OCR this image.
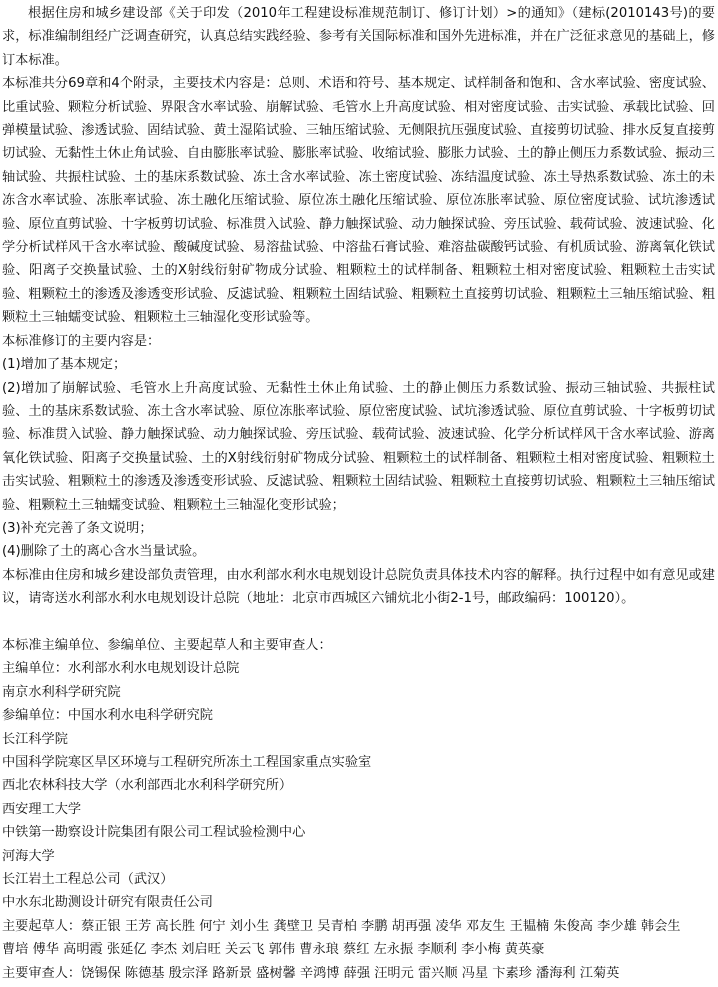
根据住房和城乡建设部《关于印发（2010年工程建设标准规范制订、修订计划）>的通知》（建标(2010143号)的要求，标准编制组经广泛调查研究，认真总结实践经验、参考有关国际标准和国外先进标准，并在广泛征求意见的基础上，修订本标准。

本标准共分69章和4个附录，主要技术内容是：总则、术语和符号、基本规定、试样制备和饱和、含水率试验、密度试验、比重试验、颗粒分析试验、界限含水率试验、崩解试验、毛管水上升高度试验、相对密度试验、击实试验、承载比试验、回弹模量试验、渗透试验、固结试验、黄土湿陷试验、三轴压缩试验、无侧限抗压强度试验、直接剪切试验、排水反复直接剪切试验、无黏性土休止角试验、自由膨胀率试验、膨胀率试验、收缩试验、膨胀力试验、土的静止侧压力系数试验、振动三轴试验、共振柱试验、土的基床系数试验、冻土含水率试验、冻土密度试验、冻结温度试验、冻土导热系数试验、冻土的未冻含水率试验、冻胀率试验、冻土融化压缩试验、原位冻土融化压缩试验、原位冻胀率试验、原位密度试验、试坑渗透试验、原位直剪试验、十字板剪切试验、标准贯入试验、静力触探试验、动力触探试验、旁压试验、载荷试验、波速试验、化学分析试样风干含水率试验、酸碱度试验、易溶盐试验、中溶盐石膏试验、难溶盐碳酸钙试验、有机质试验、游离氧化铁试验、阳离子交换量试验、土的X射线衍射矿物成分试验、粗颗粒土的试样制备、粗颗粒土相对密度试验、粗颗粒土击实试验、粗颗粒土的渗透及渗透变形试验、反滤试验、粗颗粒土固结试验、粗颗粒土直接剪切试验、粗颗粒土三轴压缩试验、粗颗粒土三轴蠕变试验、粗颗粒土三轴湿化变形试验等。

本标准修订的主要内容是：

(1)增加了基本规定；

(2)增加了崩解试验、毛管水上升高度试验、无黏性土休止角试验、土的静止侧压力系数试验、振动三轴试验、共振柱试验、土的基床系数试验、冻土含水率试验、原位冻胀率试验、原位密度试验、试坑渗透试验、原位直剪试验、十字板剪切试验、标准贯入试验、静力触探试验、动力触探试验、旁压试验、载荷试验、波速试验、化学分析试样风干含水率试验、游离氧化铁试验、阳离子交换量试验、土的X射线衍射矿物成分试验、粗颗粒土的试样制备、粗颗粒土相对密度试验、粗颗粒土击实试验、粗颗粒土的渗透及渗透变形试验、反滤试验、粗颗粒土固结试验、粗颗粒土直接剪切试验、粗颗粒土三轴压缩试验、粗颗粒土三轴蠕变试验、粗颗粒土三轴湿化变形试验；

(3)补充完善了条文说明；

(4)删除了土的离心含水当量试验。

本标准由住房和城乡建设部负责管理，由水利部水利水电规划设计总院负责具体技术内容的解释。执行过程中如有意见或建议，请寄送水利部水利水电规划设计总院（地址：北京市西城区六铺炕北小街2-1号，邮政编码：100120）。

本标准主编单位、参编单位、主要起草人和主要审查人：

主编单位：水利部水利水电规划设计总院

南京水利科学研究院

参编单位：中国水利水电科学研究院

长江科学院

中国科学院寒区旱区环境与工程研究所冻土工程国家重点实验室

西北农林科技大学（水利部西北水利科学研究所）

西安理工大学

中铁第一勘察设计院集团有限公司工程试验检测中心

河海大学

长江岩土工程总公司（武汉）

中水东北勘测设计研究有限责任公司

主要起草人：蔡正银 王芳 高长胜 何宁 刘小生 龚壁卫 吴青柏 李鹏 胡再强 凌华 邓友生 王韫楠 朱俊高 李少雄 韩会生

曹培 傅华 高明霞 张延亿 李杰 刘启旺 关云飞 郭伟 曹永琅 蔡红 左永振 李顺利 李小梅 黄英豪

主要审查人：饶锡保 陈德基 殷宗泽 路新景 盛树馨 辛鸿博 薛强 汪明元 雷兴顺 冯星 卞素珍 潘海利 江菊英
